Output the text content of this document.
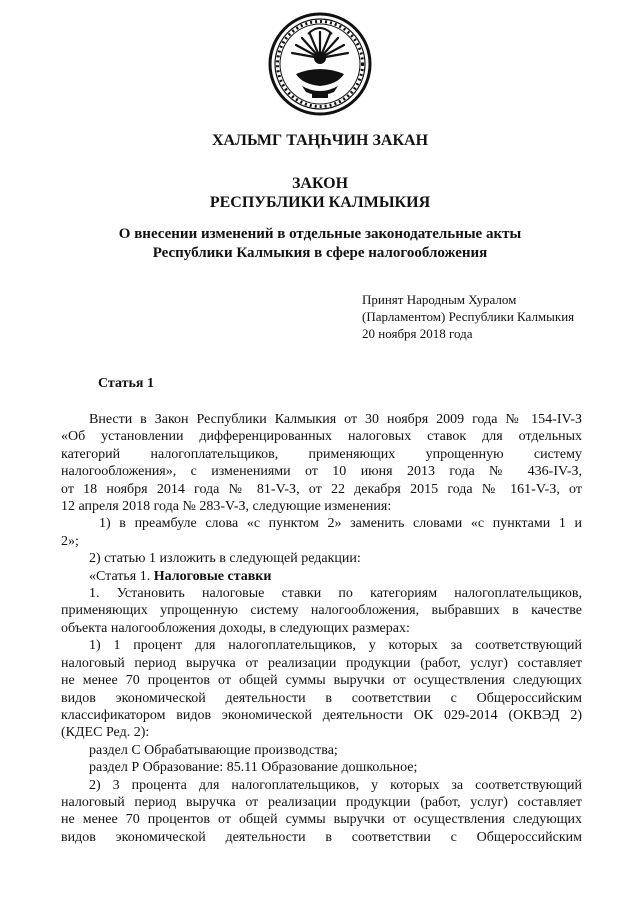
ХАЛЬМГ ТАҢҺЧИН ЗАКАН
ЗАКОН
РЕСПУБЛИКИ КАЛМЫКИЯ
О внесении изменений в отдельные законодательные акты
Республики Калмыкия в сфере налогообложения
Принят Народным Хуралом
(Парламентом) Республики Калмыкия
20 ноября 2018 года
Статья 1

Внести в Закон Республики Калмыкия от 30 ноября 2009 года № 154-IV-З

«Об установлении дифференцированных налоговых ставок для отдельных

категорий налогоплательщиков, применяющих упрощенную систему

налогообложения», с изменениями от 10 июня 2013 года № 436-IV-З,

от 18 ноября 2014 года № 81-V-З, от 22 декабря 2015 года № 161-V-З, от

12 апреля 2018 года № 283-V-З, следующие изменения:

1) в преамбуле слова «с пунктом 2» заменить словами «с пунктами 1 и

2»;

2) статью 1 изложить в следующей редакции:

«Статья 1. Налоговые ставки

1. Установить налоговые ставки по категориям налогоплательщиков,

применяющих упрощенную систему налогообложения, выбравших в качестве

объекта налогообложения доходы, в следующих размерах:

1) 1 процент для налогоплательщиков, у которых за соответствующий

налоговый период выручка от реализации продукции (работ, услуг) составляет

не менее 70 процентов от общей суммы выручки от осуществления следующих

видов экономической деятельности в соответствии с Общероссийским

классификатором видов экономической деятельности ОК 029-2014 (ОКВЭД 2)

(КДЕС Ред. 2):

раздел С Обрабатывающие производства;

раздел Р Образование: 85.11 Образование дошкольное;

2) 3 процента для налогоплательщиков, у которых за соответствующий

налоговый период выручка от реализации продукции (работ, услуг) составляет

не менее 70 процентов от общей суммы выручки от осуществления следующих

видов экономической деятельности в соответствии с Общероссийским
